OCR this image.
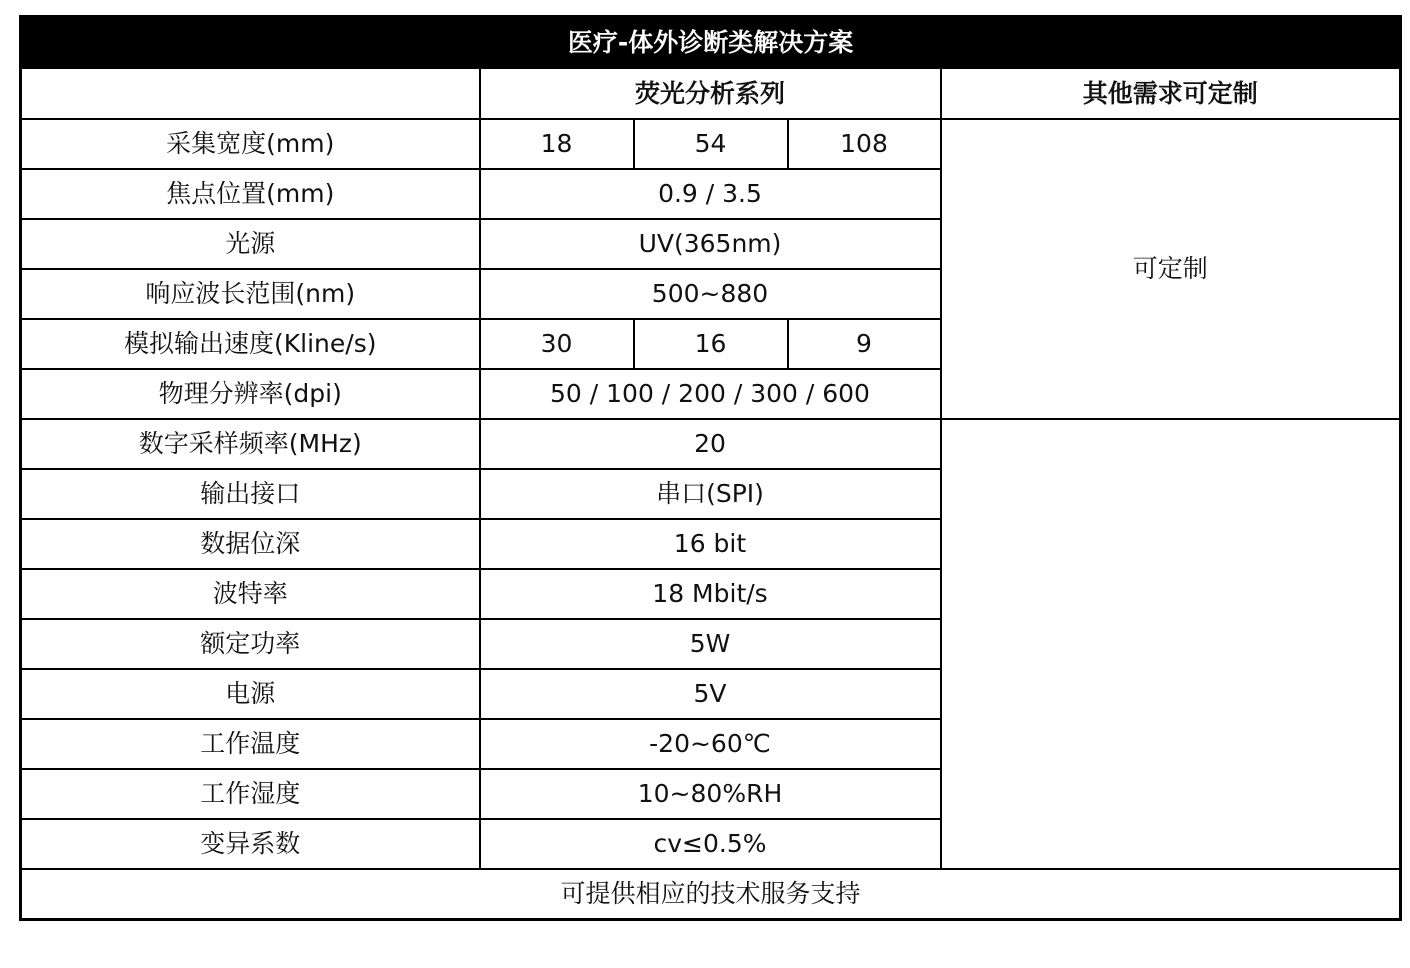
医疗-体外诊断类解决方案				
	荧光分析系列			其他需求可定制
采集宽度(mm)	18	54	108	可定制
焦点位置(mm)	0.9 / 3.5			
光源	UV(365nm)			
响应波长范围(nm)	500~880			
模拟输出速度(Kline/s)	30	16	9	
物理分辨率(dpi)	50 / 100 / 200 / 300 / 600			
数字采样频率(MHz)	20			
输出接口	串口(SPI)			
数据位深	16 bit			
波特率	18 Mbit/s			
额定功率	5W			
电源	5V			
工作温度	-20~60℃			
工作湿度	10~80%RH			
变异系数	cv≤0.5%			
可提供相应的技术服务支持				
